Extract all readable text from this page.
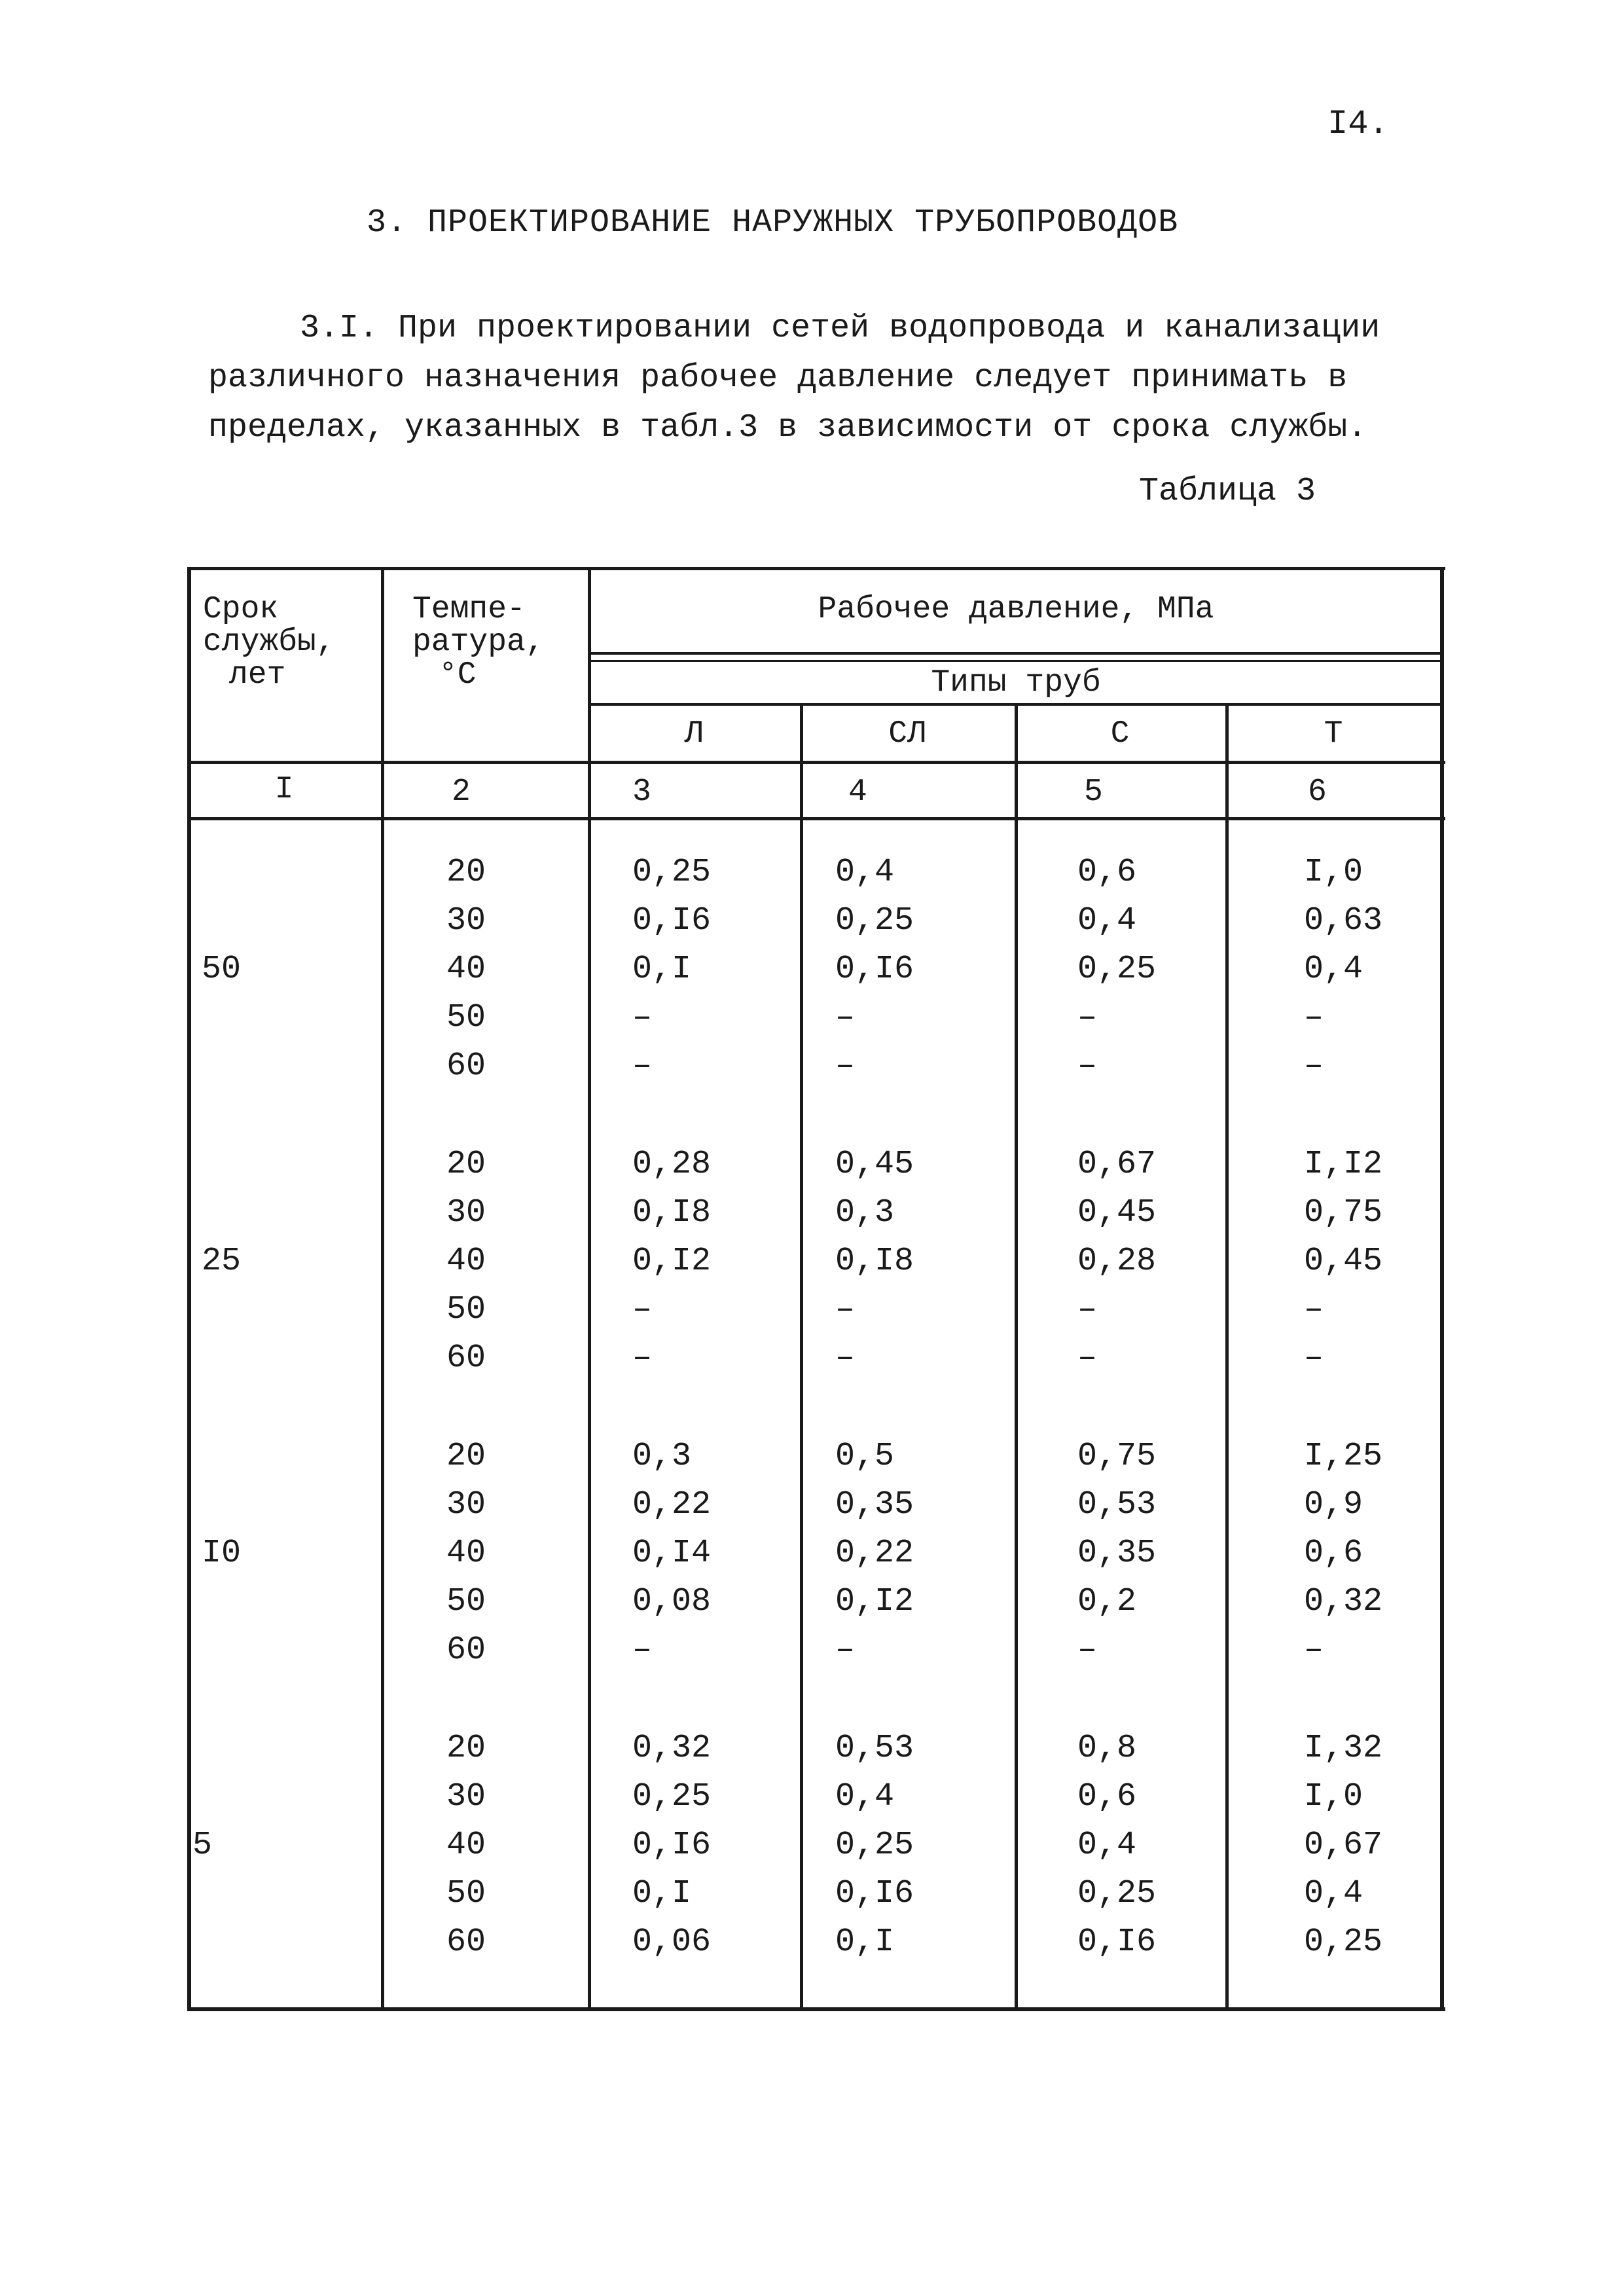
I4.
3. ПРОЕКТИРОВАНИЕ НАРУЖНЫХ ТРУБОПРОВОДОВ
3.I. При проектировании сетей водопровода и канализации
различного назначения рабочее давление следует принимать в
пределах, указанных в табл.3 в зависимости от срока службы.
Таблица 3
Срок
службы,
лет
Темпе-
ратура,
°C
Рабочее давление, МПа
Типы труб
Л	СЛ	С	Т
I	2	3	4	5	6
50
20	0,25	0,4	0,6	I,0
30	0,I6	0,25	0,4	0,63
40	0,I	0,I6	0,25	0,4
50	–	–	–	–
60	–	–	–	–
25
20	0,28	0,45	0,67	I,I2
30	0,I8	0,3	0,45	0,75
40	0,I2	0,I8	0,28	0,45
50	–	–	–	–
60	–	–	–	–
I0
20	0,3	0,5	0,75	I,25
30	0,22	0,35	0,53	0,9
40	0,I4	0,22	0,35	0,6
50	0,08	0,I2	0,2	0,32
60	–	–	–	–
5
20	0,32	0,53	0,8	I,32
30	0,25	0,4	0,6	I,0
40	0,I6	0,25	0,4	0,67
50	0,I	0,I6	0,25	0,4
60	0,06	0,I	0,I6	0,25
